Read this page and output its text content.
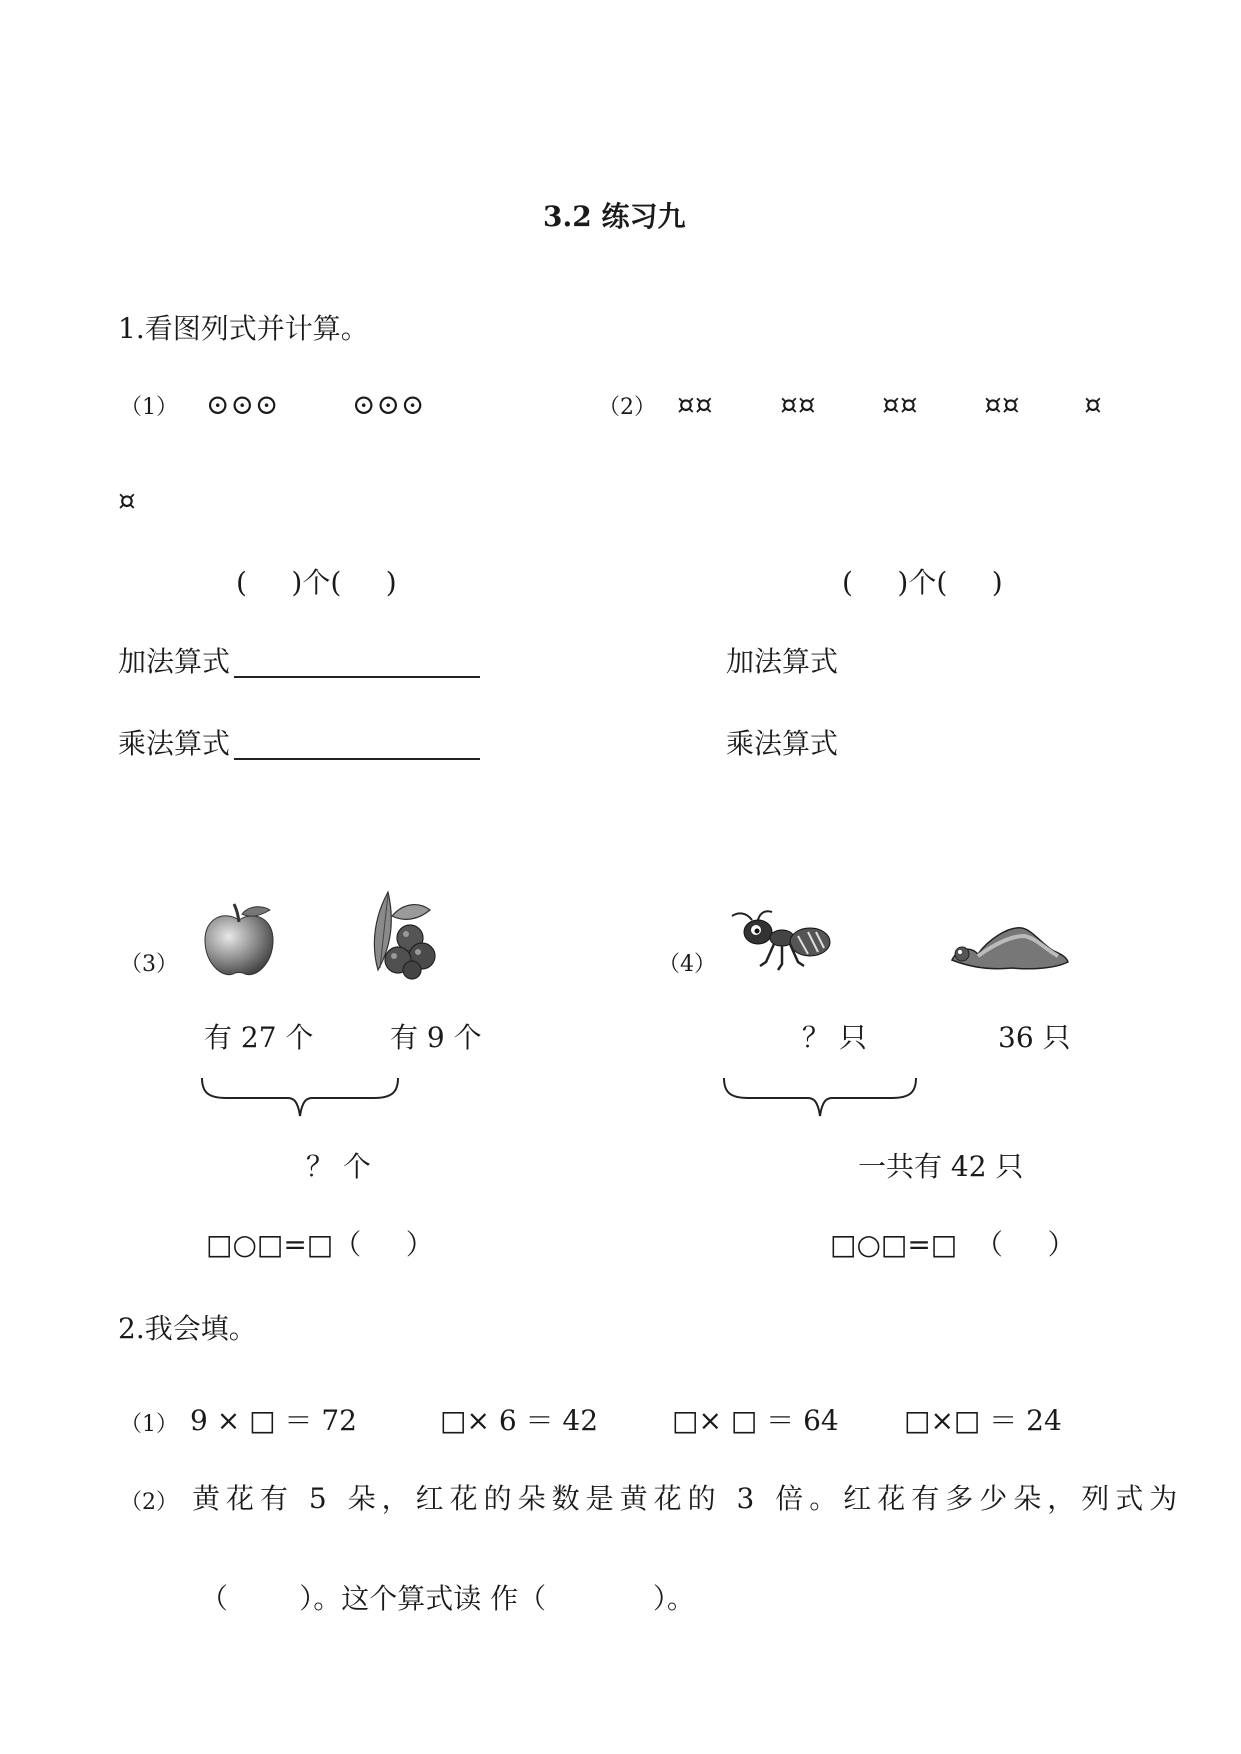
3.2 练习九
1.看图列式并计算。
（1） ⊙⊙⊙	⊙⊙⊙	（2） ¤¤ ¤¤ ¤¤ ¤¤ ¤
¤
(     )个(     )	(     )个(     )
加法算式	加法算式
乘法算式	乘法算式
（3）
有 27 个	有 9 个
？ 个
□○□=□（     ）
（4）
？ 只	36 只
一共有 42 只
□○□=□  （     ）
2.我会填。
（1） 9 × □ ＝ 72	□× 6 ＝ 42	□× □ ＝ 64 □×□ ＝ 24
（2） 黄花有 5 朵，红花的朵数是黄花的 3 倍。红花有多少朵，列式为
（        ）。这个算式读 作（            ）。
